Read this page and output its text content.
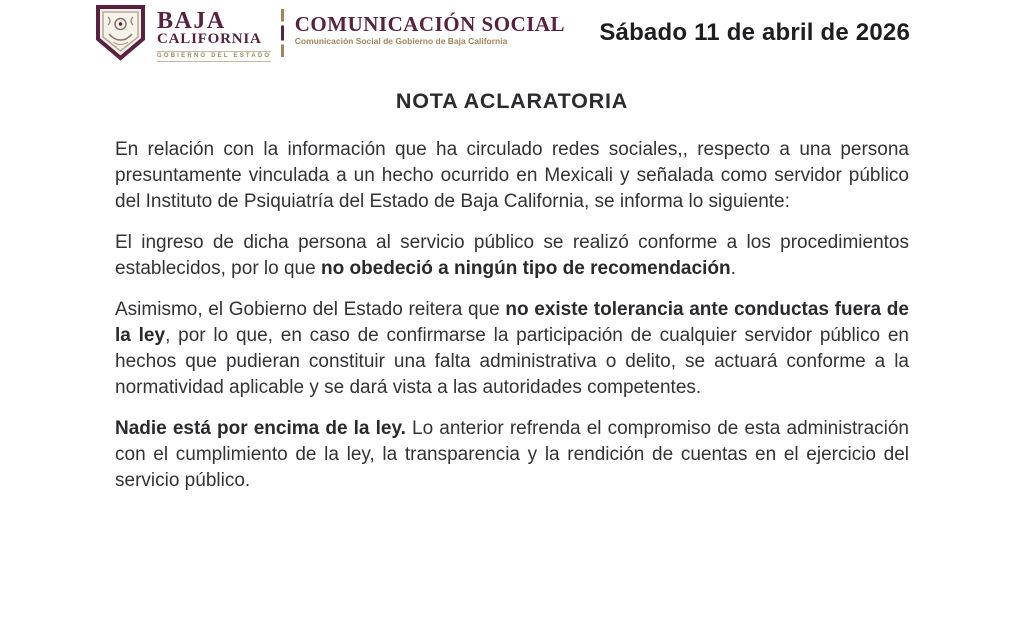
BAJA
CALIFORNIA
GOBIERNO DEL ESTADO
COMUNICACIÓN SOCIAL
Comunicación Social de Gobierno de Baja California	Sábado 11 de abril de 2026
NOTA ACLARATORIA

En relación con la información que ha circulado redes sociales,, respecto a una persona presuntamente vinculada a un hecho ocurrido en Mexicali y señalada como servidor público del Instituto de Psiquiatría del Estado de Baja California, se informa lo siguiente:

El ingreso de dicha persona al servicio público se realizó conforme a los procedimientos establecidos, por lo que no obedeció a ningún tipo de recomendación.

Asimismo, el Gobierno del Estado reitera que no existe tolerancia ante conductas fuera de la ley, por lo que, en caso de confirmarse la participación de cualquier servidor público en hechos que pudieran constituir una falta administrativa o delito, se actuará conforme a la normatividad aplicable y se dará vista a las autoridades competentes.

Nadie está por encima de la ley. Lo anterior refrenda el compromiso de esta administración con el cumplimiento de la ley, la transparencia y la rendición de cuentas en el ejercicio del servicio público.
